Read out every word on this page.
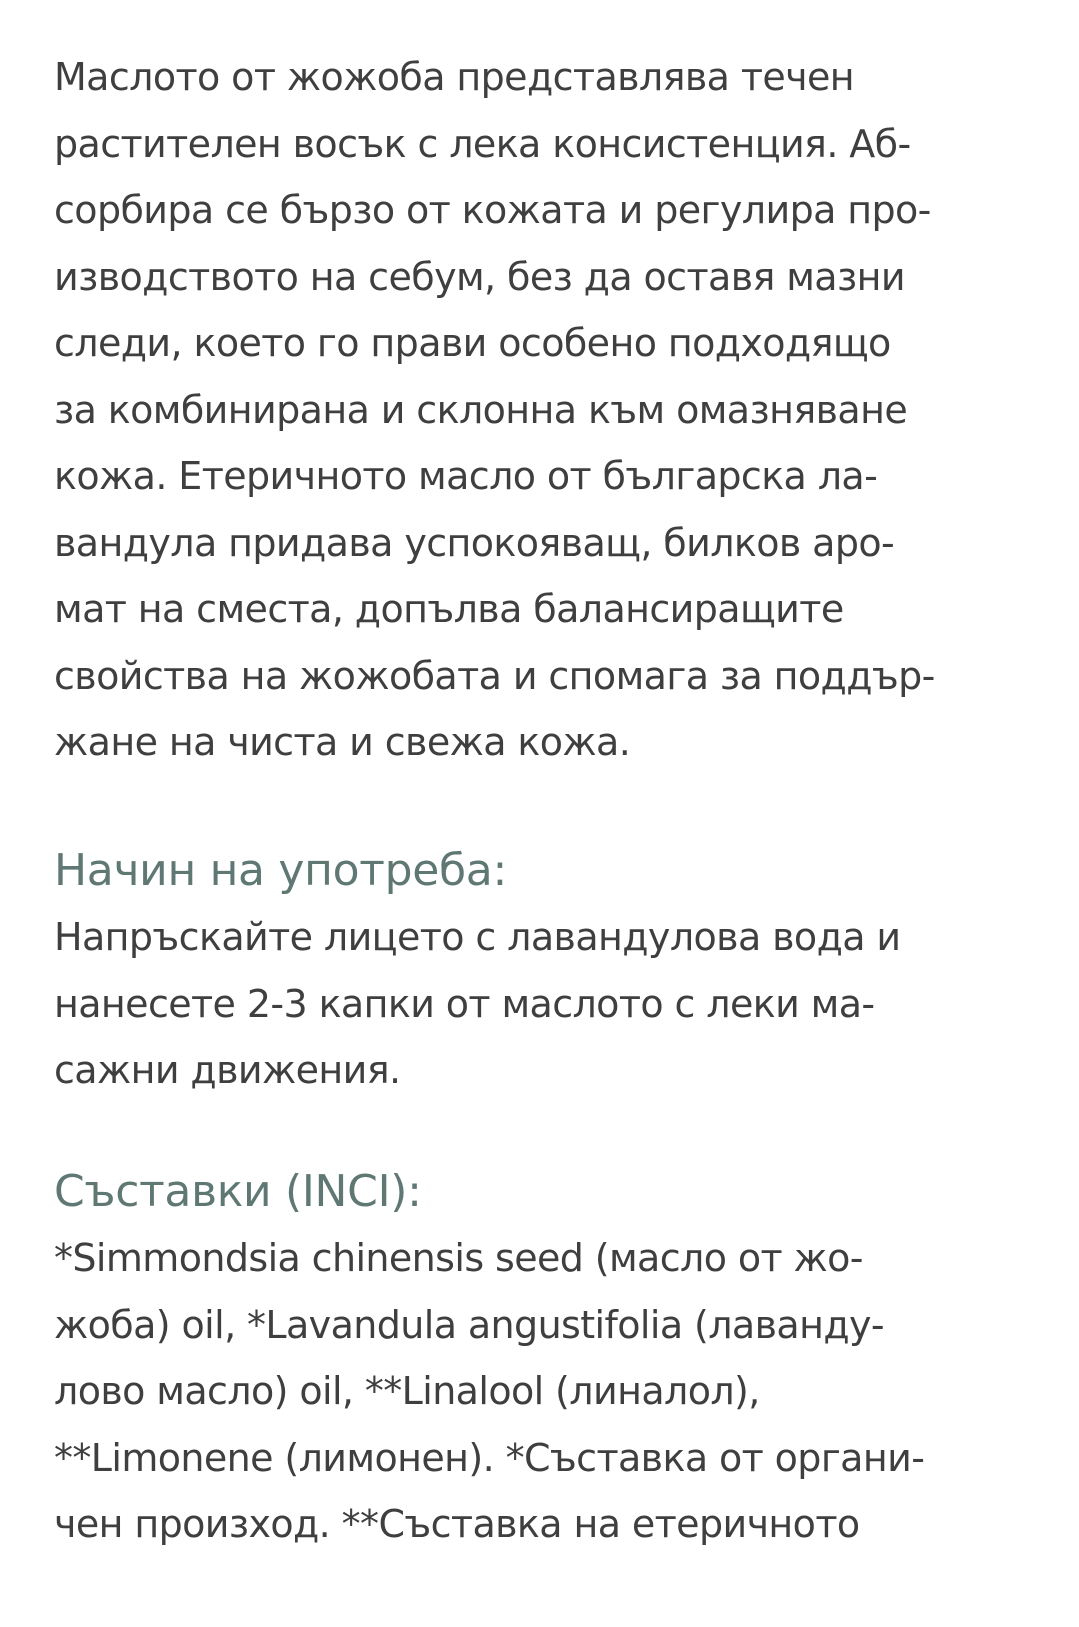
Маслото от жожоба представлява течен
растителен восък с лека консистенция. Аб-
сорбира се бързо от кожата и регулира про-
изводството на себум, без да оставя мазни
следи, което го прави особено подходящо
за комбинирана и склонна към омазняване
кожа. Етеричното масло от българска ла-
вандула придава успокояващ, билков аро-
мат на сместа, допълва балансиращите
свойства на жожобата и спомага за поддър-
жане на чиста и свежа кожа.
Начин на употреба:
Напръскайте лицето с лавандулова вода и
нанесете 2-3 капки от маслото с леки ма-
сажни движения.
Съставки (INCI):
*Simmondsia chinensis seed (масло от жо-
жоба) oil, *Lavandula angustifolia (лаванду-
лово масло) oil, **Linalool (линалол),
**Limonene (лимонен). *Съставка от органи-
чен произход. **Съставка на етеричното
